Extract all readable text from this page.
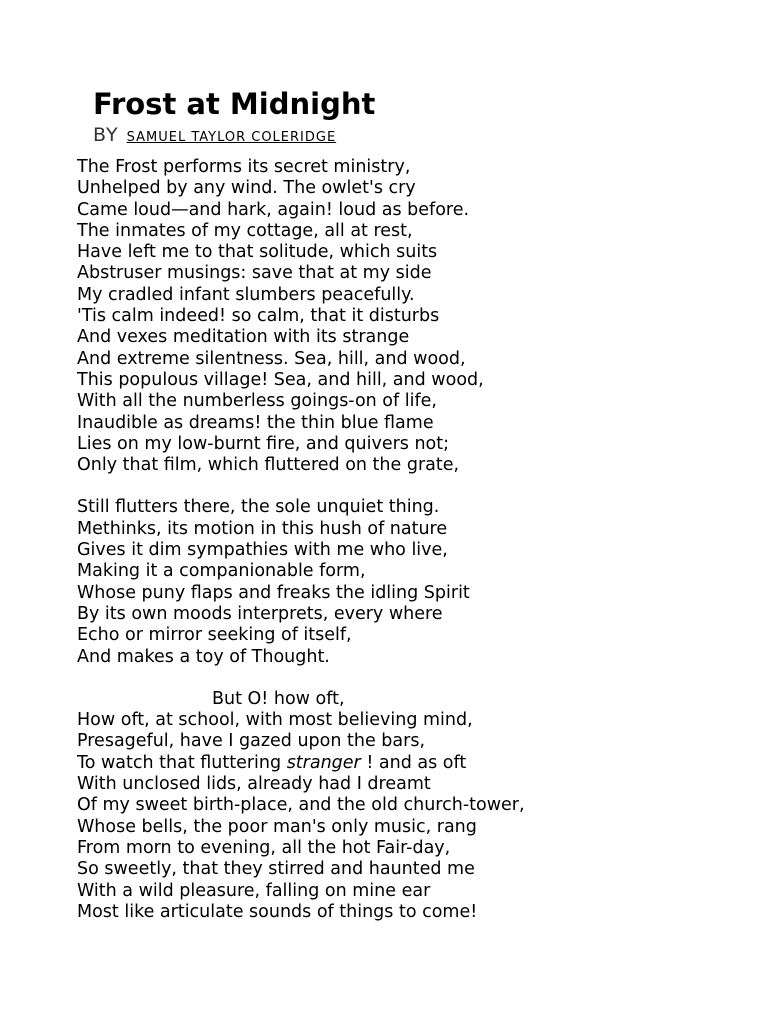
Frost at Midnight
BY SAMUEL TAYLOR COLERIDGE
The Frost performs its secret ministry,
Unhelped by any wind. The owlet's cry
Came loud—and hark, again! loud as before.
The inmates of my cottage, all at rest,
Have left me to that solitude, which suits
Abstruser musings: save that at my side
My cradled infant slumbers peacefully.
'Tis calm indeed! so calm, that it disturbs
And vexes meditation with its strange
And extreme silentness. Sea, hill, and wood,
This populous village! Sea, and hill, and wood,
With all the numberless goings-on of life,
Inaudible as dreams! the thin blue flame
Lies on my low-burnt fire, and quivers not;
Only that film, which fluttered on the grate,
Still flutters there, the sole unquiet thing.
Methinks, its motion in this hush of nature
Gives it dim sympathies with me who live,
Making it a companionable form,
Whose puny flaps and freaks the idling Spirit
By its own moods interprets, every where
Echo or mirror seeking of itself,
And makes a toy of Thought.
But O! how oft,
How oft, at school, with most believing mind,
Presageful, have I gazed upon the bars,
To watch that fluttering stranger ! and as oft
With unclosed lids, already had I dreamt
Of my sweet birth-place, and the old church-tower,
Whose bells, the poor man's only music, rang
From morn to evening, all the hot Fair-day,
So sweetly, that they stirred and haunted me
With a wild pleasure, falling on mine ear
Most like articulate sounds of things to come!
